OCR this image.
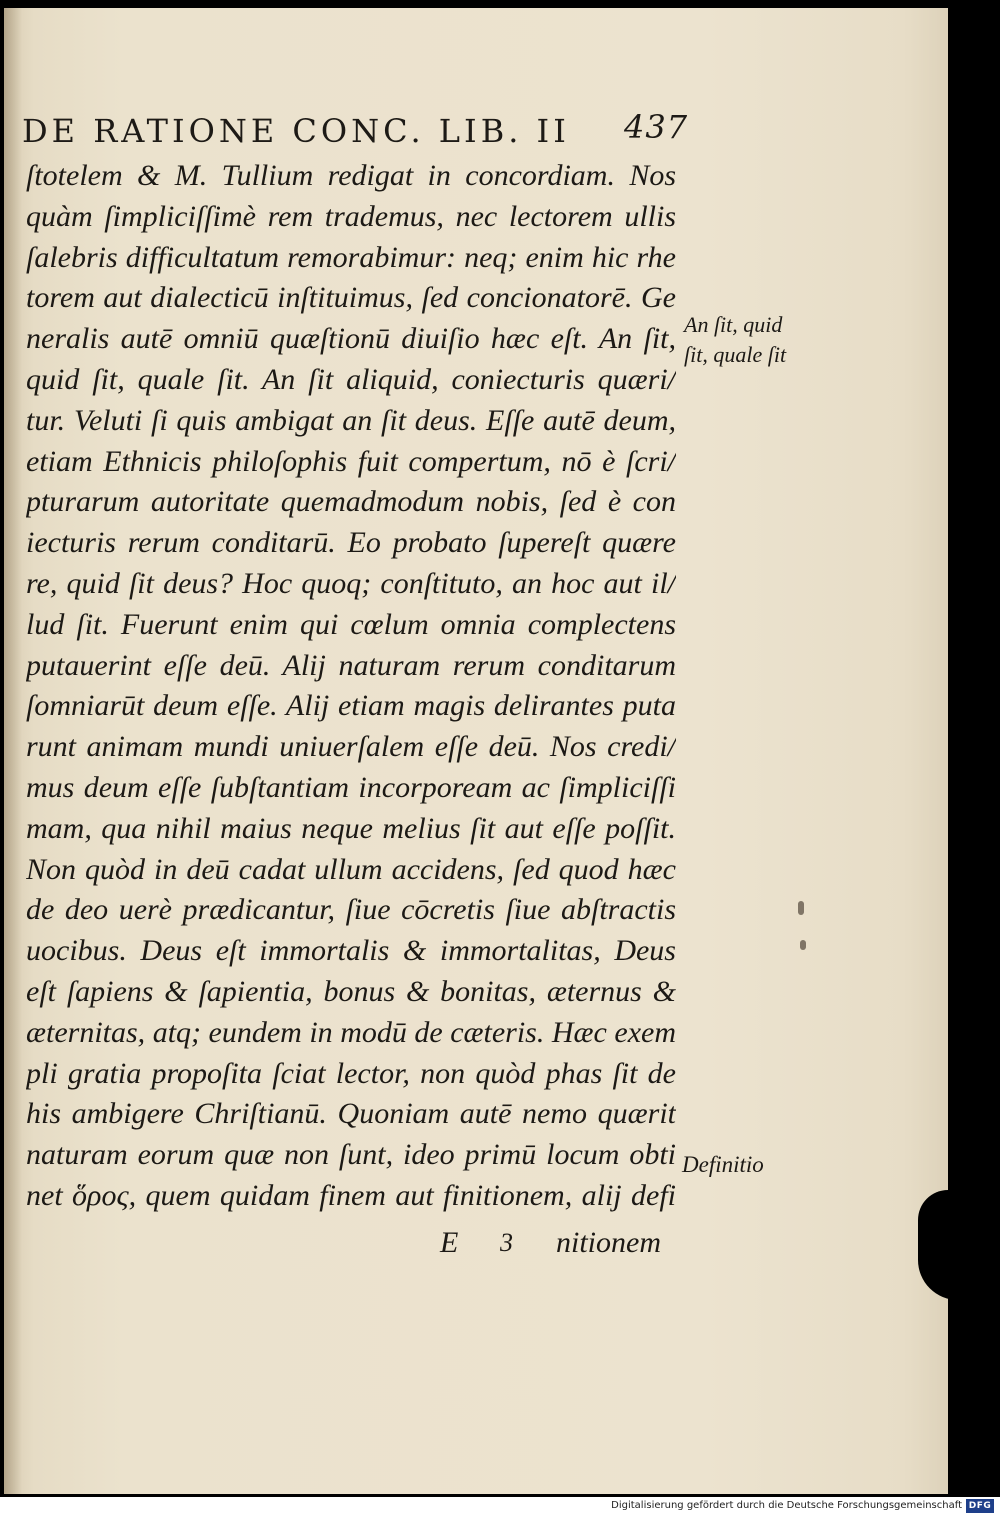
DE RATIONE CONC. LIB. II 437
ſtotelem & M. Tullium redigat in concordiam. Nos
quàm ſimpliciſſimè rem trademus, nec lectorem ullis
ſalebris difficultatum remorabimur: neq; enim hic rhe
torem aut dialecticū inſtituimus, ſed concionatorē. Ge
neralis autē omniū quæſtionū diuiſio hæc eſt. An ſit,
quid ſit, quale ſit. An ſit aliquid, coniecturis quæri/
tur. Veluti ſi quis ambigat an ſit deus. Eſſe autē deum,
etiam Ethnicis philoſophis fuit compertum, nō è ſcri/
pturarum autoritate quemadmodum nobis, ſed è con
iecturis rerum conditarū. Eo probato ſupereſt quære
re, quid ſit deus? Hoc quoq; conſtituto, an hoc aut il/
lud ſit. Fuerunt enim qui cœlum omnia complectens
putauerint eſſe deū. Alij naturam rerum conditarum
ſomniarūt deum eſſe. Alij etiam magis delirantes puta
runt animam mundi uniuerſalem eſſe deū. Nos credi/
mus deum eſſe ſubſtantiam incorpoream ac ſimpliciſſi
mam, qua nihil maius neque melius ſit aut eſſe poſſit.
Non quòd in deū cadat ullum accidens, ſed quod hæc
de deo uerè prædicantur, ſiue cōcretis ſiue abſtractis
uocibus. Deus eſt immortalis & immortalitas, Deus
eſt ſapiens & ſapientia, bonus & bonitas, æternus &
æternitas, atq; eundem in modū de cæteris. Hæc exem
pli gratia propoſita ſciat lector, non quòd phas ſit de
his ambigere Chriſtianū. Quoniam autē nemo quærit
naturam eorum quæ non ſunt, ideo primū locum obti
net ὅρος, quem quidam finem aut finitionem, alij defi
E 3 nitionem
An ſit, quid
ſit, quale ſit
Definitio
Digitalisierung gefördert durch die Deutsche Forschungsgemeinschaft DFG
